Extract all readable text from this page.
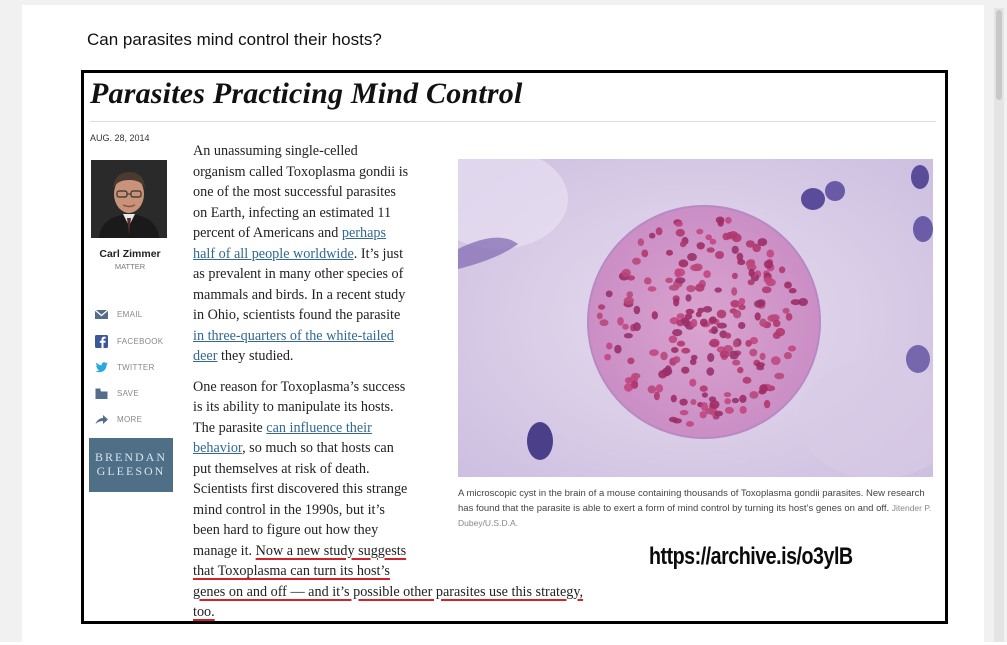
Can parasites mind control their hosts?
Parasites Practicing Mind Control
AUG. 28, 2014
Carl Zimmer
MATTER
EMAIL
FACEBOOK
TWITTER
SAVE
MORE
BRENDAN
GLEESON
An unassuming single-celled
organism called Toxoplasma gondii is
one of the most successful parasites
on Earth, infecting an estimated 11
percent of Americans and perhaps
half of all people worldwide. It’s just
as prevalent in many other species of
mammals and birds. In a recent study
in Ohio, scientists found the parasite
in three-quarters of the white-tailed
deer they studied.
One reason for Toxoplasma’s success
is its ability to manipulate its hosts.
The parasite can influence their
behavior, so much so that hosts can
put themselves at risk of death.
Scientists first discovered this strange
mind control in the 1990s, but it’s
been hard to figure out how they
manage it. Now a new study suggests
that Toxoplasma can turn its host’s
genes on and off — and it’s possible other parasites use this strategy,
too.
A microscopic cyst in the brain of a mouse containing thousands of Toxoplasma gondii parasites. New research has found that the parasite is able to exert a form of mind control by turning its host’s genes on and off. Jitender P. Dubey/U.S.D.A.
https://archive.is/o3ylB
